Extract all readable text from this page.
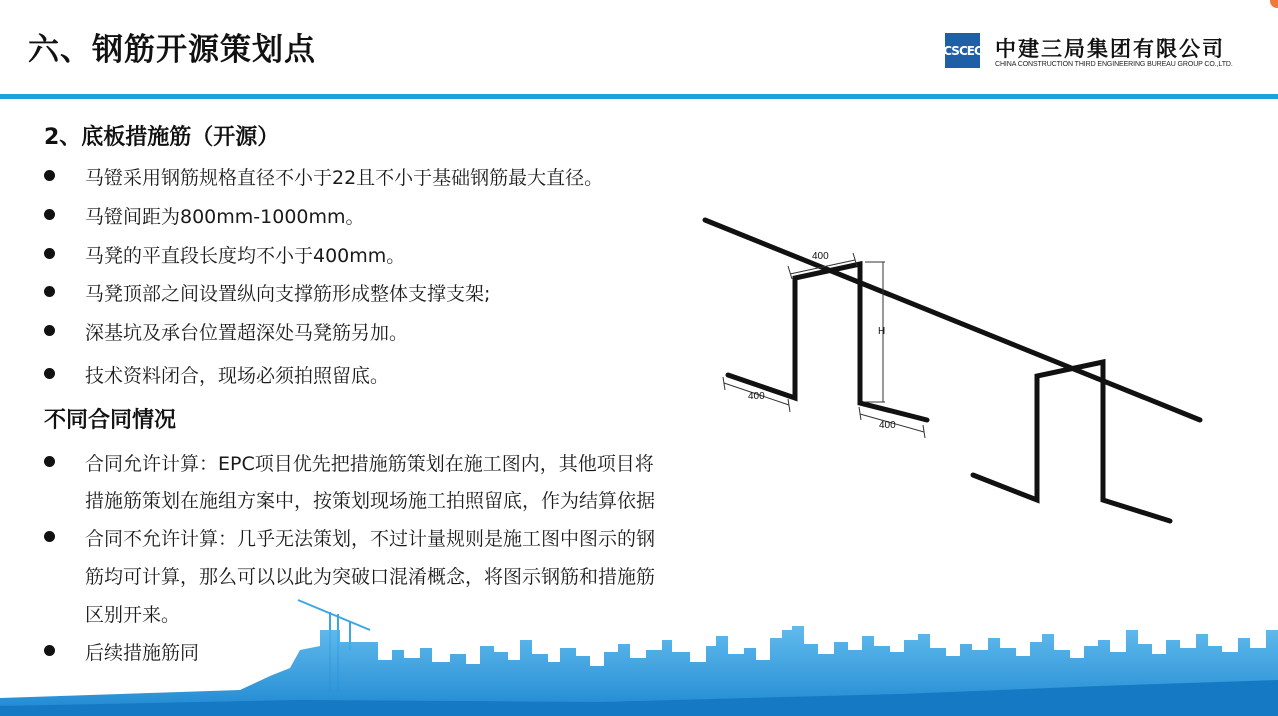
六、钢筋开源策划点	CSCEC 中建三局集团有限公司
CHINA CONSTRUCTION THIRD ENGINEERING BUREAU GROUP CO.,LTD.
2、底板措施筋（开源）
马镫采用钢筋规格直径不小于22且不小于基础钢筋最大直径。
马镫间距为800mm-1000mm。
马凳的平直段长度均不小于400mm。
马凳顶部之间设置纵向支撑筋形成整体支撑支架;
深基坑及承台位置超深处马凳筋另加。
技术资料闭合，现场必须拍照留底。
不同合同情况
合同允许计算：EPC项目优先把措施筋策划在施工图内，其他项目将
措施筋策划在施组方案中，按策划现场施工拍照留底，作为结算依据
合同不允许计算：几乎无法策划，不过计量规则是施工图中图示的钢
筋均可计算，那么可以以此为突破口混淆概念，将图示钢筋和措施筋
区别开来。
后续措施筋同
400
H
400
400
